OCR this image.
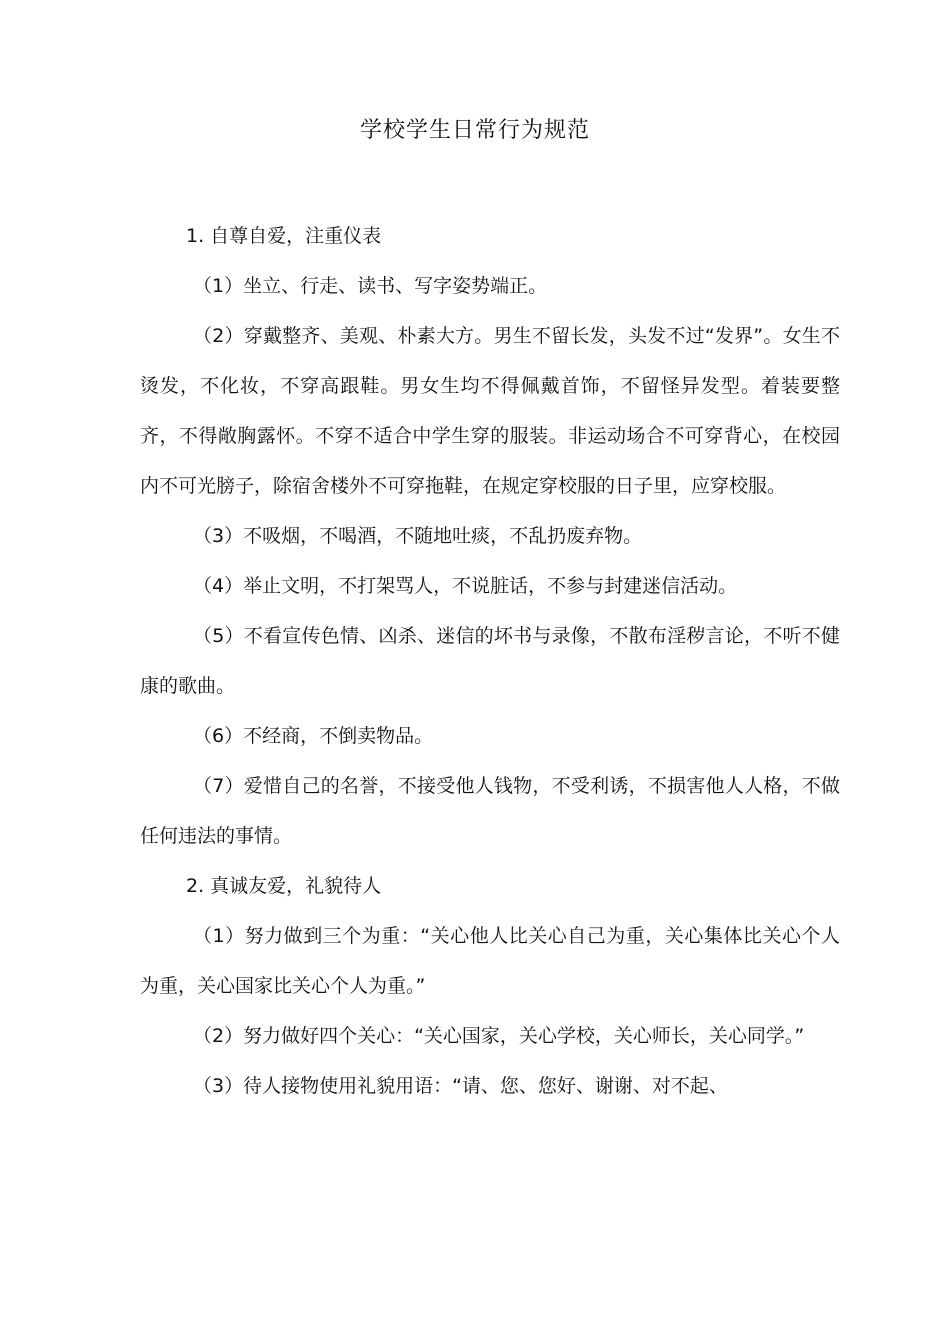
学校学生日常行为规范

1. 自尊自爱，注重仪表

（1）坐立、行走、读书、写字姿势端正。

（2）穿戴整齐、美观、朴素大方。男生不留长发，头发不过“发界”。女生不烫发，不化妆，不穿高跟鞋。男女生均不得佩戴首饰，不留怪异发型。着装要整齐，不得敞胸露怀。不穿不适合中学生穿的服装。非运动场合不可穿背心，在校园内不可光膀子，除宿舍楼外不可穿拖鞋，在规定穿校服的日子里，应穿校服。

（3）不吸烟，不喝酒，不随地吐痰，不乱扔废弃物。

（4）举止文明，不打架骂人，不说脏话，不参与封建迷信活动。

（5）不看宣传色情、凶杀、迷信的坏书与录像，不散布淫秽言论，不听不健康的歌曲。

（6）不经商，不倒卖物品。

（7）爱惜自己的名誉，不接受他人钱物，不受利诱，不损害他人人格，不做任何违法的事情。

2. 真诚友爱，礼貌待人

（1）努力做到三个为重：“关心他人比关心自己为重，关心集体比关心个人为重，关心国家比关心个人为重。”

（2）努力做好四个关心：“关心国家，关心学校，关心师长，关心同学。”

（3）待人接物使用礼貌用语：“请、您、您好、谢谢、对不起、
